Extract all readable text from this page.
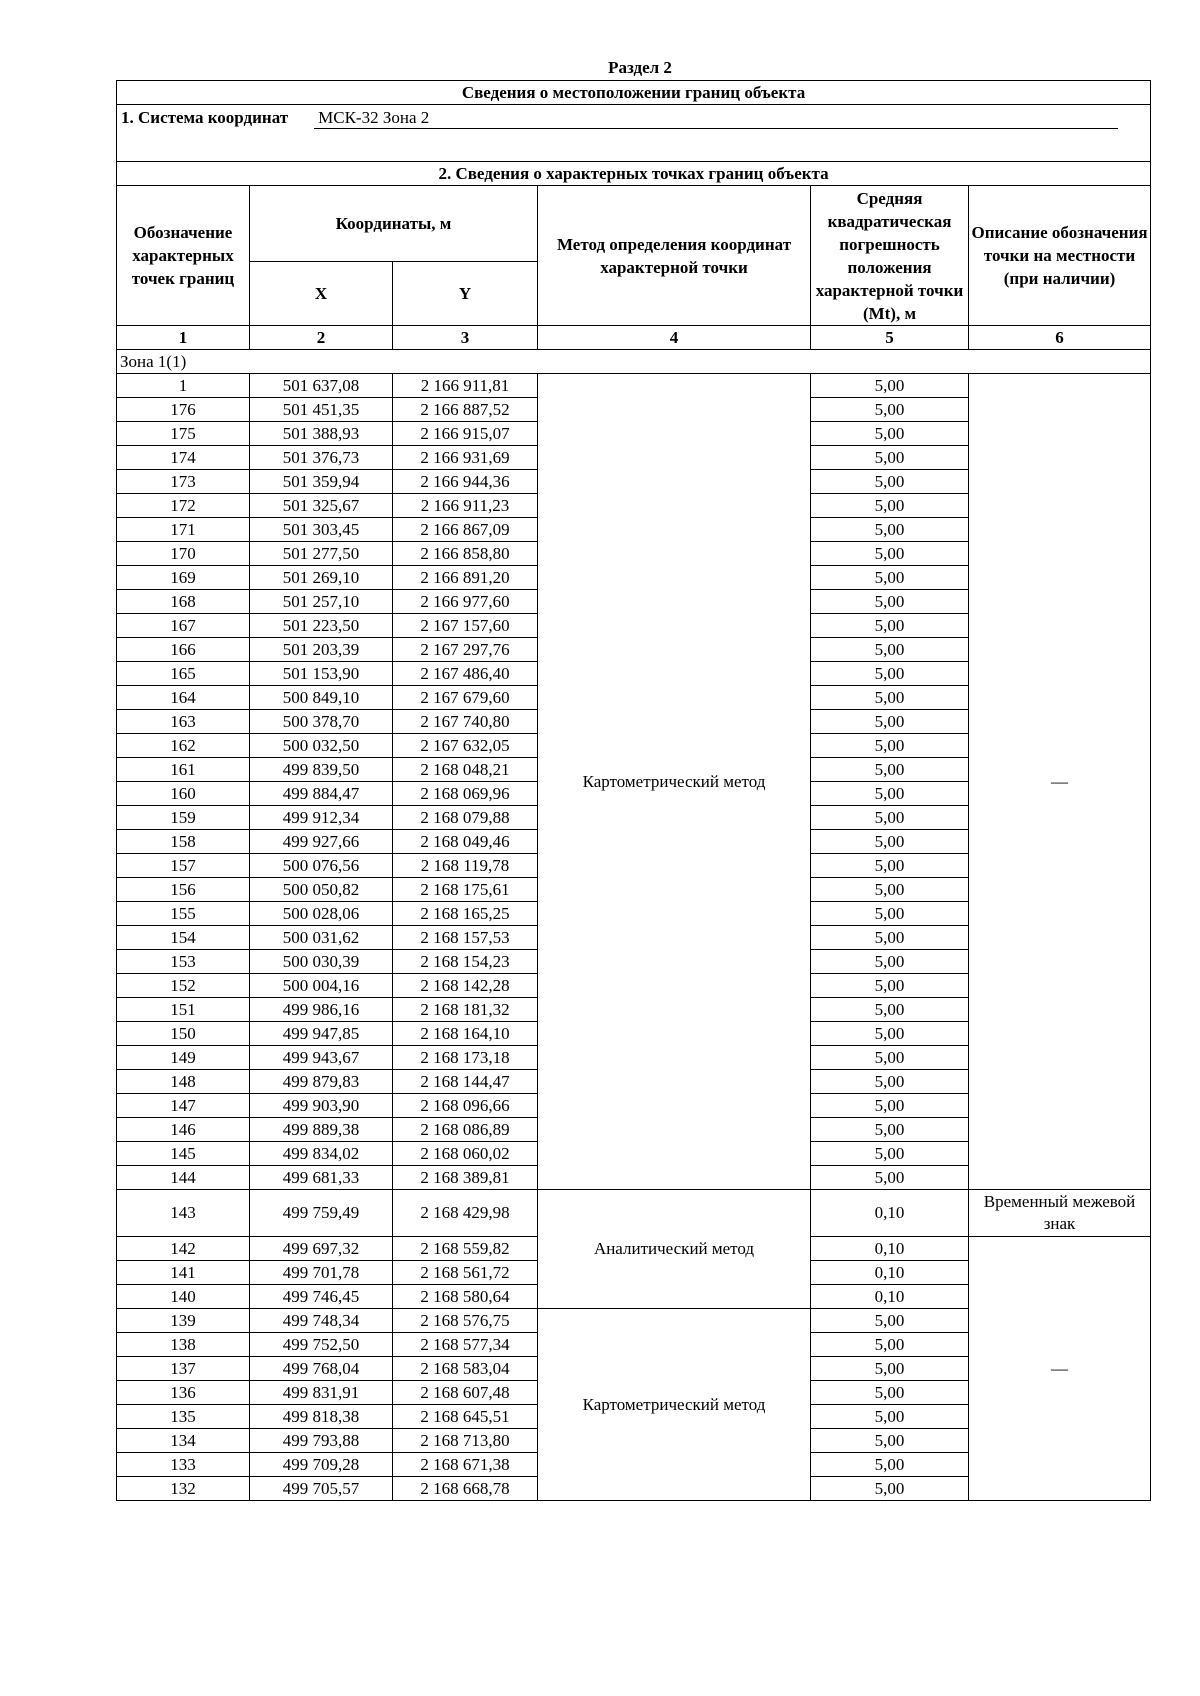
Раздел 2
Сведения о местоположении границ объекта					
1. Система координат МСК-32 Зона 2					
2. Сведения о характерных точках границ объекта					
Обозначение характерных точек границ	Координаты, м		Метод определения координат характерной точки	Средняя квадратическая погрешность положения характерной точки (Mt), м	Описание обозначения точки на местности (при наличии)
	X	Y			
1	2	3	4	5	6
Зона 1(1)					
1	501 637,08	2 166 911,81	Картометрический метод	5,00	—
176	501 451,35	2 166 887,52		5,00	
175	501 388,93	2 166 915,07		5,00	
174	501 376,73	2 166 931,69		5,00	
173	501 359,94	2 166 944,36		5,00	
172	501 325,67	2 166 911,23		5,00	
171	501 303,45	2 166 867,09		5,00	
170	501 277,50	2 166 858,80		5,00	
169	501 269,10	2 166 891,20		5,00	
168	501 257,10	2 166 977,60		5,00	
167	501 223,50	2 167 157,60		5,00	
166	501 203,39	2 167 297,76		5,00	
165	501 153,90	2 167 486,40		5,00	
164	500 849,10	2 167 679,60		5,00	
163	500 378,70	2 167 740,80		5,00	
162	500 032,50	2 167 632,05		5,00	
161	499 839,50	2 168 048,21		5,00	
160	499 884,47	2 168 069,96		5,00	
159	499 912,34	2 168 079,88		5,00	
158	499 927,66	2 168 049,46		5,00	
157	500 076,56	2 168 119,78		5,00	
156	500 050,82	2 168 175,61		5,00	
155	500 028,06	2 168 165,25		5,00	
154	500 031,62	2 168 157,53		5,00	
153	500 030,39	2 168 154,23		5,00	
152	500 004,16	2 168 142,28		5,00	
151	499 986,16	2 168 181,32		5,00	
150	499 947,85	2 168 164,10		5,00	
149	499 943,67	2 168 173,18		5,00	
148	499 879,83	2 168 144,47		5,00	
147	499 903,90	2 168 096,66		5,00	
146	499 889,38	2 168 086,89		5,00	
145	499 834,02	2 168 060,02		5,00	
144	499 681,33	2 168 389,81		5,00	
143	499 759,49	2 168 429,98	Аналитический метод	0,10	Временный межевой знак
142	499 697,32	2 168 559,82		0,10	—
141	499 701,78	2 168 561,72		0,10	
140	499 746,45	2 168 580,64		0,10	
139	499 748,34	2 168 576,75	Картометрический метод	5,00	
138	499 752,50	2 168 577,34		5,00	
137	499 768,04	2 168 583,04		5,00	
136	499 831,91	2 168 607,48		5,00	
135	499 818,38	2 168 645,51		5,00	
134	499 793,88	2 168 713,80		5,00	
133	499 709,28	2 168 671,38		5,00	
132	499 705,57	2 168 668,78		5,00	
